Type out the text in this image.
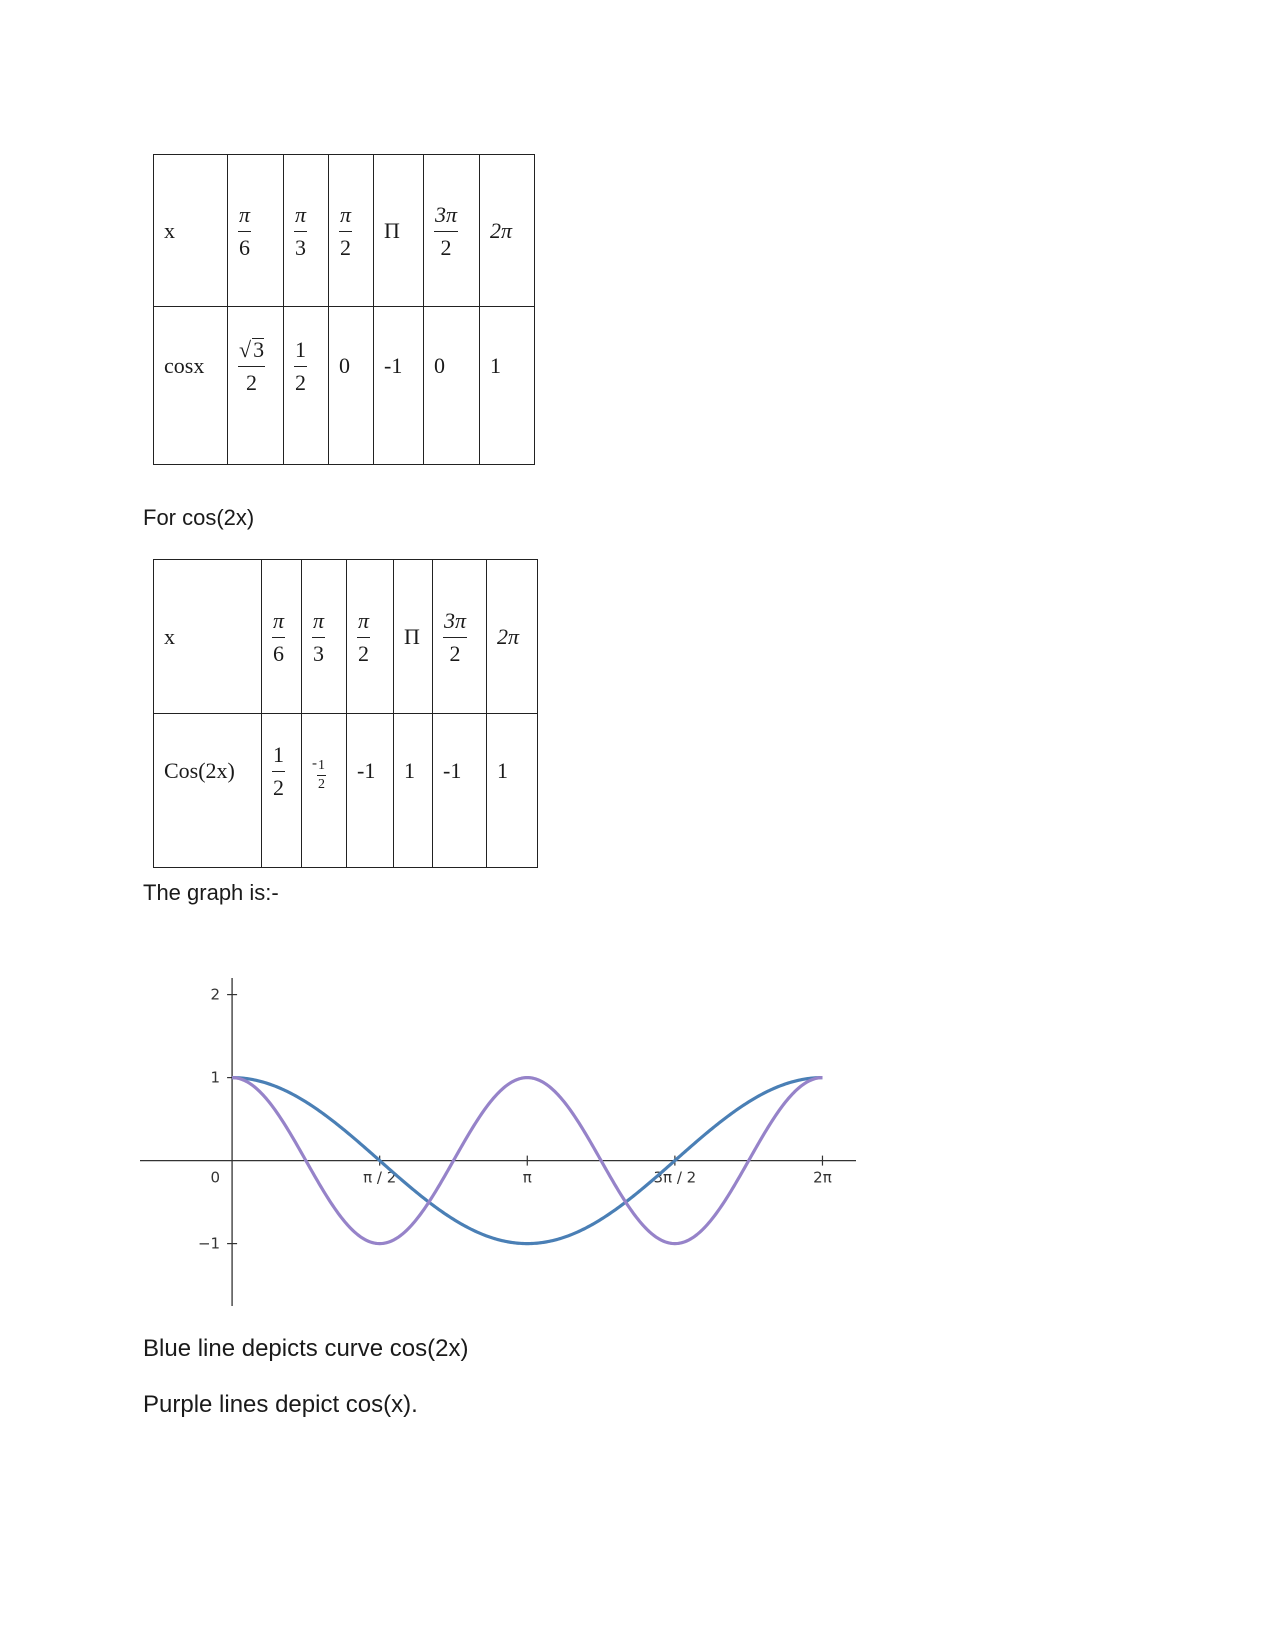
x	$\frac{\pi}{6}$	$\frac{\pi}{3}$	$\frac{\pi}{2}$	Π	$\frac{3\pi}{2}$	2π
cosx	$\frac{√3}{2}$	$\frac{1}{2}$	0	-1	0	1
For cos(2x)
x	$\frac{\pi}{6}$	$\frac{\pi}{3}$	$\frac{\pi}{2}$	Π	$\frac{3\pi}{2}$	2π
Cos(2x)	$\frac{1}{2}$	- $\frac{1}{2}$	-1	1	-1	1
The graph is:-
π / 2	π	3π / 2	2π
2
1
−1
0
Blue line depicts curve cos(2x)
Purple lines depict cos(x).
